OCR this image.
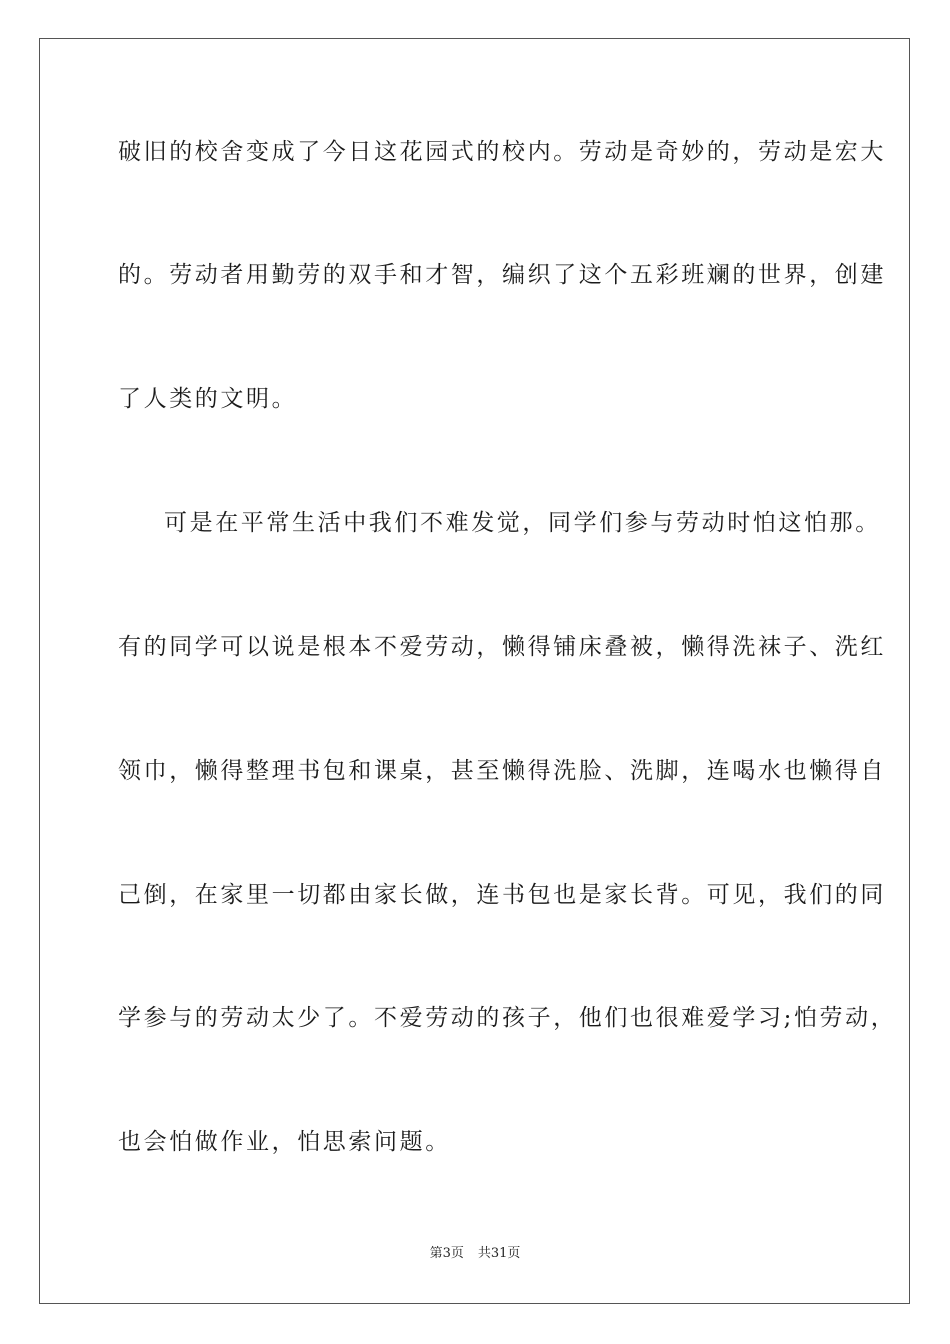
破旧的校舍变成了今日这花园式的校内。劳动是奇妙的，劳动是宏大
的。劳动者用勤劳的双手和才智，编织了这个五彩班斓的世界，创建
了人类的文明。
可是在平常生活中我们不难发觉，同学们参与劳动时怕这怕那。
有的同学可以说是根本不爱劳动，懒得铺床叠被，懒得洗袜子、洗红
领巾，懒得整理书包和课桌，甚至懒得洗脸、洗脚，连喝水也懒得自
己倒，在家里一切都由家长做，连书包也是家长背。可见，我们的同
学参与的劳动太少了。不爱劳动的孩子，他们也很难爱学习;怕劳动，
也会怕做作业，怕思索问题。
第3页 共31页
